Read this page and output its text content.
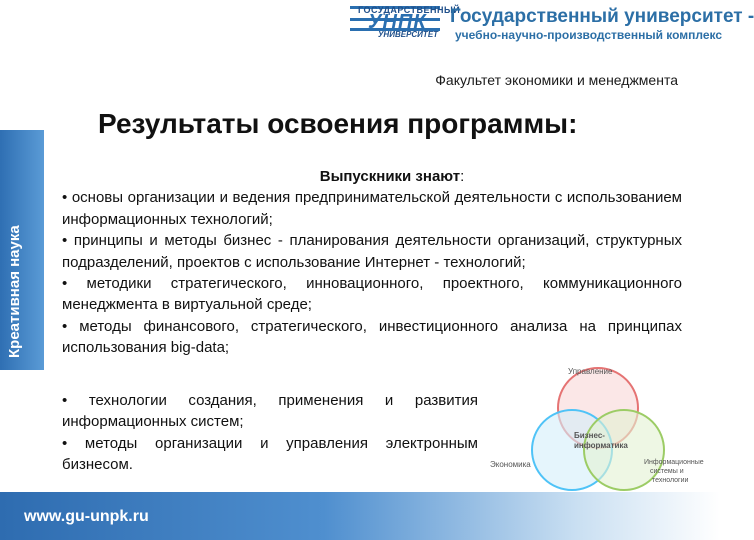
ГОСУДАРСТВЕННЫЙ
УНПК
УНИВЕРСИТЕТ
Государственный университет -
учебно-научно-производственный комплекс
Факультет экономики и менеджмента
Креативная наука
Результаты освоения программы:
Выпускники знают:
• основы организации и ведения предпринимательской деятельности с использованием информационных технологий;
• принципы и методы бизнес - планирования деятельности организаций, структурных подразделений, проектов с использование Интернет - технологий;
• методики стратегического, инновационного, проектного, коммуникационного менеджмента в виртуальной среде;
• методы финансового, стратегического, инвестиционного анализа на принципах использования big-data;
• технологии создания, применения и развития информационных систем;
• методы организации и управления электронным бизнесом.
Управление
Экономика
Бизнес-
информатика
Информационные
системы и
технологии
www.gu-unpk.ru
